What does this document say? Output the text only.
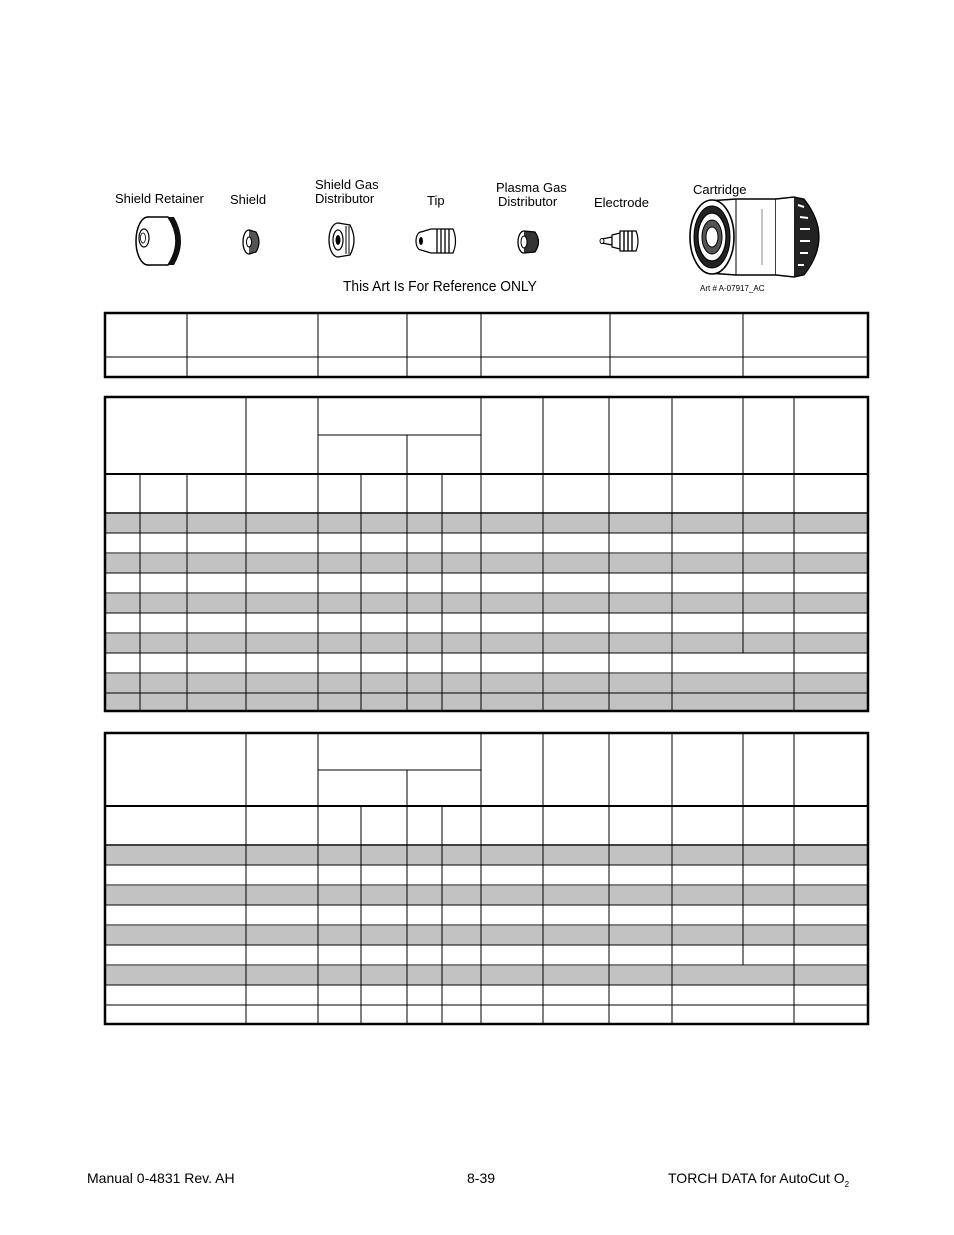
Shield Retainer Shield
Shield Gas
Distributor	Tip
Plasma Gas
Distributor	Electrode
Cartridge
This Art Is For Reference ONLY	Art # A-07917_AC
Manual 0-4831 Rev. AH	8-39	TORCH DATA for AutoCut $O_2$
